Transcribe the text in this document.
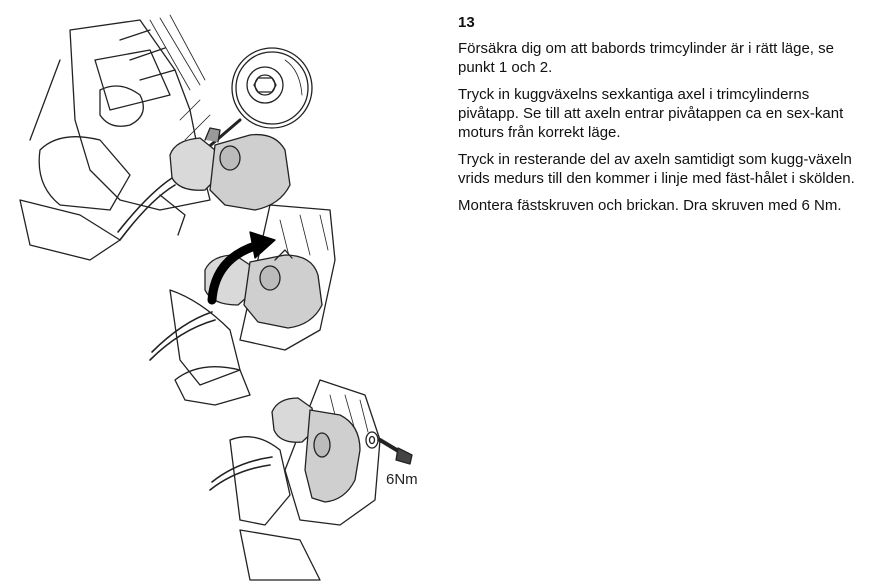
6Nm

13

Försäkra dig om att babords trimcylinder är i rätt läge, se punkt 1 och 2.

Tryck in kuggväxelns sexkantiga axel i trimcylinderns pivåtapp. Se till att axeln entrar pivåtappen ca en sex-kant moturs från korrekt läge.

Tryck in resterande del av axeln samtidigt som kugg-växeln vrids medurs till den kommer i linje med fäst-hålet i skölden.

Montera fästskruven och brickan. Dra skruven med 6 Nm.
